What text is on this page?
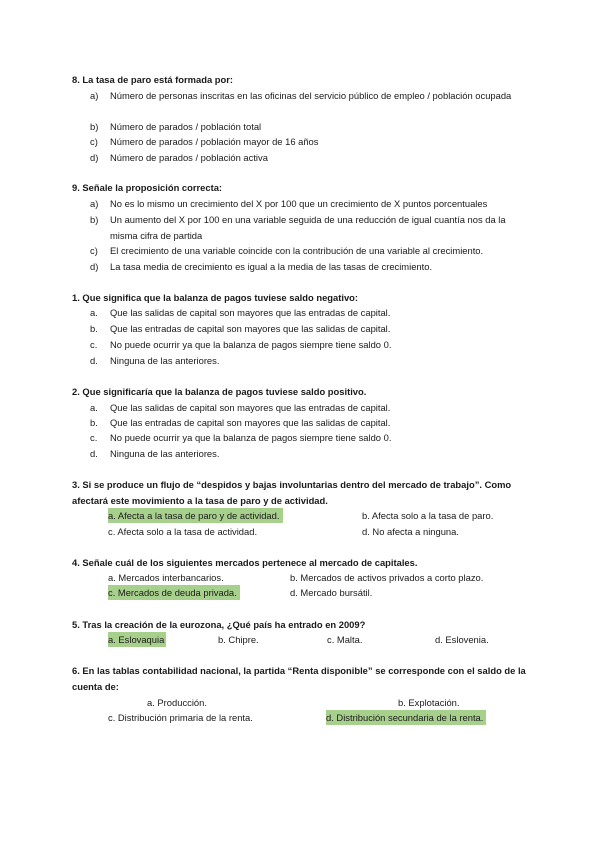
8. La tasa de paro está formada por:
a) Número de personas inscritas en las oficinas del servicio público de empleo / población ocupada
b) Número de parados / población total
c) Número de parados / población mayor de 16 años
d) Número de parados / población activa
9. Señale la proposición correcta:
a) No es lo mismo un crecimiento del X por 100 que un crecimiento de X puntos porcentuales
b) Un aumento del X por 100 en una variable seguida de una reducción de igual cuantía nos da la misma cifra de partida
c) El crecimiento de una variable coincide con la contribución de una variable al crecimiento.
d) La tasa media de crecimiento es igual a la media de las tasas de crecimiento.
1. Que significa que la balanza de pagos tuviese saldo negativo:
a. Que las salidas de capital son mayores que las entradas de capital.
b. Que las entradas de capital son mayores que las salidas de capital.
c. No puede ocurrir ya que la balanza de pagos siempre tiene saldo 0.
d. Ninguna de las anteriores.
2. Que significaría que la balanza de pagos tuviese saldo positivo.
a. Que las salidas de capital son mayores que las entradas de capital.
b. Que las entradas de capital son mayores que las salidas de capital.
c. No puede ocurrir ya que la balanza de pagos siempre tiene saldo 0.
d. Ninguna de las anteriores.
3. Si se produce un flujo de “despidos y bajas involuntarias dentro del mercado de trabajo”. Como afectará este movimiento a la tasa de paro y de actividad.
a. Afecta a la tasa de paro y de actividad.	b. Afecta solo a la tasa de paro.
c. Afecta solo a la tasa de actividad.	d. No afecta a ninguna.
4. Señale cuál de los siguientes mercados pertenece al mercado de capitales.
a. Mercados interbancarios.	b. Mercados de activos privados a corto plazo.
c. Mercados de deuda privada.	d. Mercado bursátil.
5. Tras la creación de la eurozona, ¿Qué país ha entrado en 2009?
a. Eslovaquia	b. Chipre.	c. Malta.	d. Eslovenia.
6. En las tablas contabilidad nacional, la partida “Renta disponible” se corresponde con el saldo de la cuenta de:
a. Producción.	b. Explotación.
c. Distribución primaria de la renta.	d. Distribución secundaria de la renta.
